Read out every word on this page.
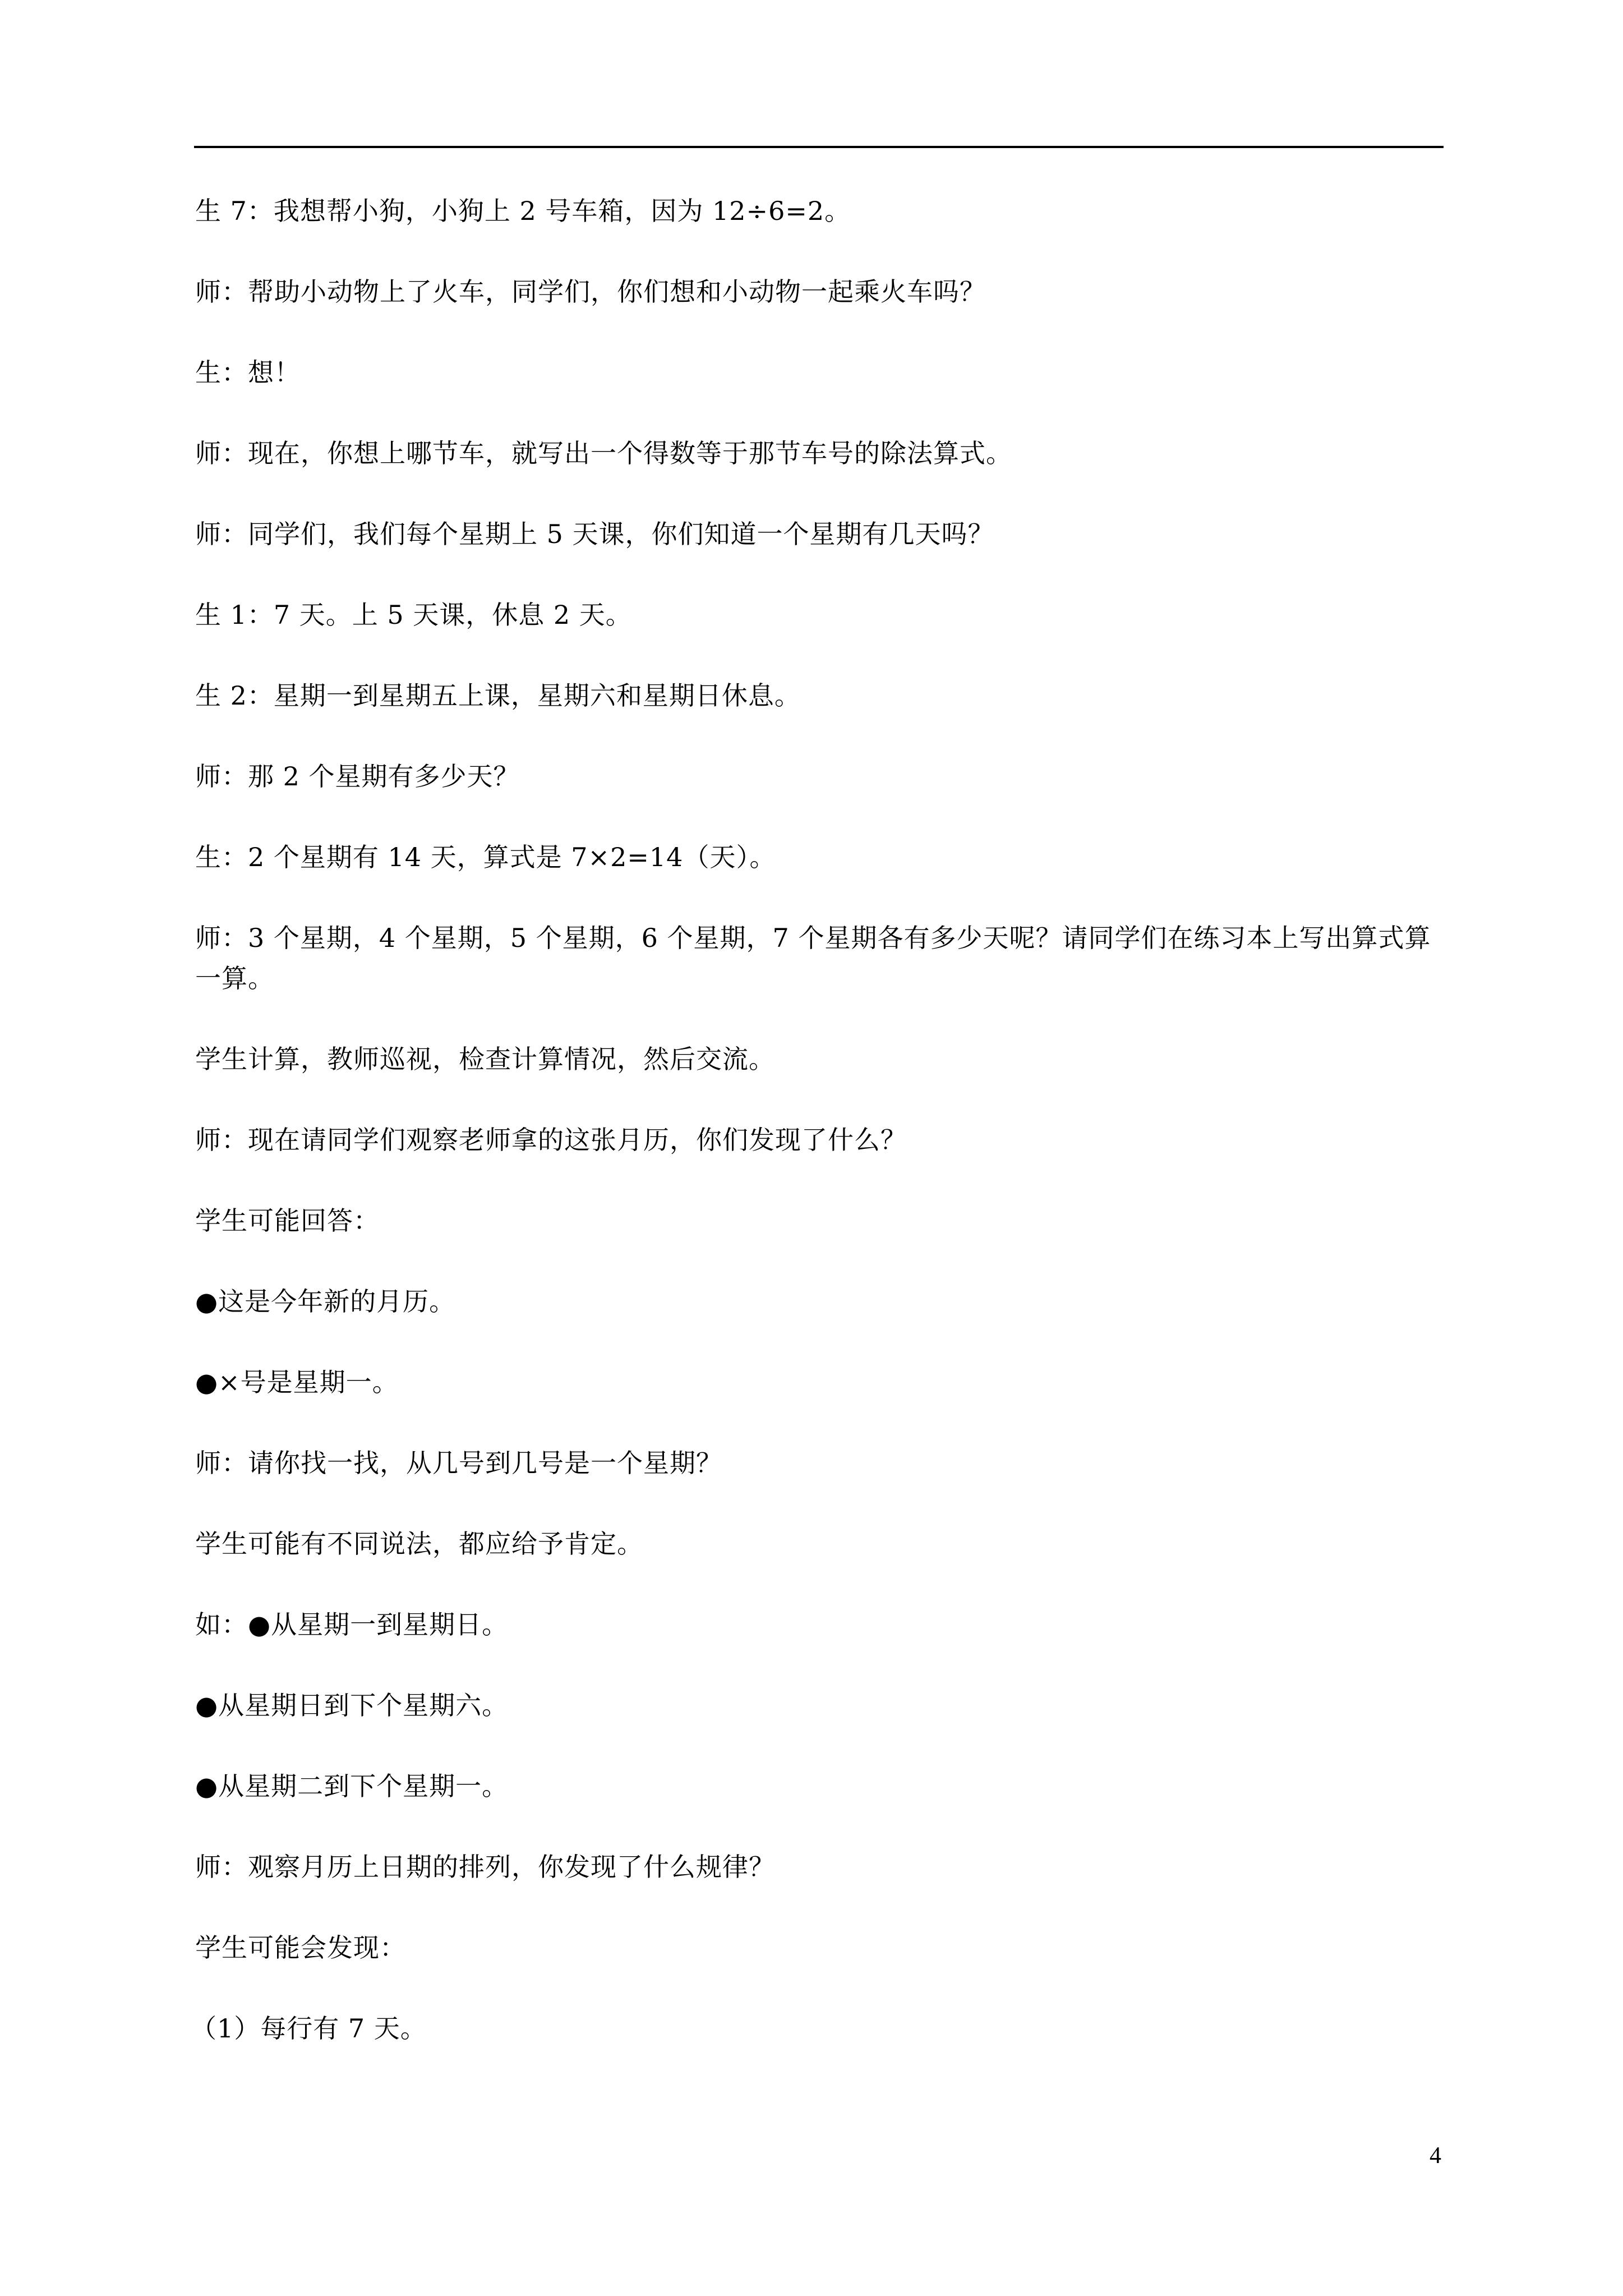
生 7：我想帮小狗，小狗上 2 号车箱，因为 12÷6=2。

师：帮助小动物上了火车，同学们，你们想和小动物一起乘火车吗？

生：想！

师：现在，你想上哪节车，就写出一个得数等于那节车号的除法算式。

师：同学们，我们每个星期上 5 天课，你们知道一个星期有几天吗？

生 1：7 天。上 5 天课，休息 2 天。

生 2：星期一到星期五上课，星期六和星期日休息。

师：那 2 个星期有多少天？

生：2 个星期有 14 天，算式是 7×2=14（天）。

师：3 个星期，4 个星期，5 个星期，6 个星期，7 个星期各有多少天呢？请同学们在练习本上写出算式算一算。

学生计算，教师巡视，检查计算情况，然后交流。

师：现在请同学们观察老师拿的这张月历，你们发现了什么？

学生可能回答：

●这是今年新的月历。

●×号是星期一。

师：请你找一找，从几号到几号是一个星期？

学生可能有不同说法，都应给予肯定。

如：●从星期一到星期日。

●从星期日到下个星期六。

●从星期二到下个星期一。

师：观察月历上日期的排列，你发现了什么规律？

学生可能会发现：

（1）每行有 7 天。

4
